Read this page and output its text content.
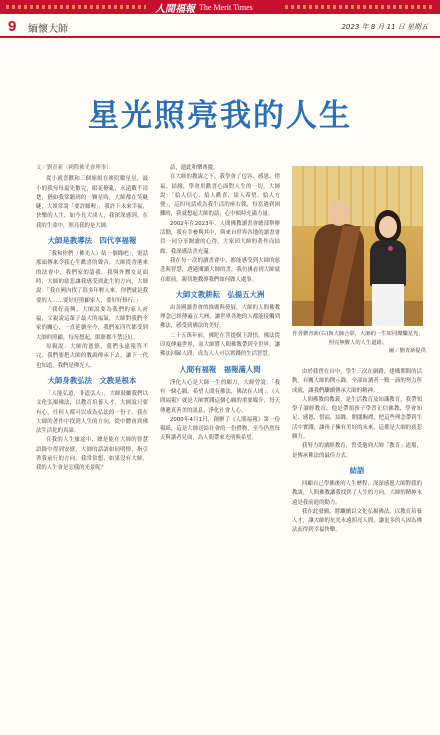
人間福報 The Merit Times
9 緬懷大師	2023 年 8 月 11 日 星期五
星光照亮我的人生

文／劉青新（國際佛光會理事）

從小就喜歡和三個姐姐在後院數星星，最小的我每每最先數完，眼花撩亂，永遠數不清楚，猶如我常聽到的一顆星時，大師都在笑瞇瞇，大姐常說「要許願喔」，我許下未來幸福，快樂的人生，如今長大成人，我深深感到，在我的生命中，照亮我的是大師。

大師是教導法　四代享福報

「我和你們（佛光人）結一個緣吧」，電話那頭傳來令我心生歡喜的聲音，大師從香港來的法會中，我們家的請我，我與外甥女見面時，大師的慈悲讓我感受到此生的方向，大師說：「我在國內找了很多年輕人來，你們就是我要的人……要好好照顧家人，要好好修行。」

「我好高興，大師說要為我們的家人祈福，父親說這輩子最大的福氣，大師對我們全家的關心，一直延續至今，我們家四代都受到大師的照顧，每每想起，眼眶都不禁泛紅。

母親說：大師的恩德，我們永遠報答不完，我們要把大師的教誨傳承下去，讓下一代也知道，我們是佛光人。

大師身教弘法　文教是根本

「人能弘道，非道弘人」，大師鼓勵我們以文化弘揚佛法，以教育培養人才，大師說只要有心，任何人都可以成為弘法的一份子。我在大師的著作中找到人生的方向，從中體會到佛法生活化的真諦。

在我的人生旅途中，總是能在大師的智慧語錄中得到安慰，大師的話語如同明燈，指引著我前行的方向。我常常想，如果沒有大師，我的人生會是怎樣的光景呢？

語，遺此和樂喪慶。

在大師的教誨之下，我學會了包容、感恩、惜福、結緣，學會用歡喜心面對人生的一切，大師說：「給人信心、給人歡喜、給人希望、給人方便」，這四句話成為我生活的座右銘，每當遇到困難時，我就想起大師的話，心中頓時充滿力量。

2002年在2023年，人間佛教讀書會總部舉辦活動，我有幸參與其中，與來自世界各地的讀書會員一同分享閱讀的心得，大家因大師的著作而結緣，我深感法喜充滿。

我在每一次的讀書會中，都能感受到大師的慈悲與智慧，透過閱讀大師的書，我彷彿看到大師就在眼前，親切地教導我們如何做人處事。

大師文教耕耘　弘揚五大洲

由各國讀書會的推廣與發展，大師的人間佛教理念已經傳遍五大洲，讓世界各地的人都能接觸到佛法，感受到佛法的美好。

二十五萬年前，佛陀在菩提樹下證悟，佛法從印度傳遍世界，而大師將人間佛教帶到全世界，讓佛法回歸人間，成為人人可以實踐的生活智慧。

人間有福報　福報滿人間

淨化人心是大師一生的願力，大師曾說：「我有一個心願，希望人間有佛法，佛法在人間」。《人間福報》就是大師實踐這個心願的重要媒介，每天傳遞真善美的訊息，淨化社會人心。

2000年4月1日，創辦了《人間福報》第一份報紙，這是大師送給社會的一份禮物，至今仍然每天與讀者見面，為人間帶來光明與希望。

作者劉青新(右)與大師合影，大師的一生如同燦爛星光，照亮無數人的人生道路。
圖／劉青新提供

由於我曾在台中，學生三次在網路，建構期間的活動，有關大師的開示錄，全部由讀者一點一滴的努力所成就，讓我們繼續傳承大師的精神。

人間佛教的教義，是生活教育及知識教育，我帶領學子讀經教育，他是帶領孩子學習正信佛教，學會知足、感恩、惜福、結緣，開闊胸襟，把這些理念帶到生活中實踐，讓孩子擁有美好的未來，這都是大師的慈悲願力。

我努力的讀經教育，曾受邀到大師「教育」道場，是傳承佛法的最佳方式。

結語

回顧自己學佛後的人生歷程，深深感恩大師對我的教誨，人間佛教讓我找到了人生的方向，大師的精神永遠是我前進的動力。

我在此發願，將繼續以文化弘揚佛法，以教育培養人才，讓大師的星光永遠照亮人間，讓更多的人因為佛法而得到幸福快樂。
